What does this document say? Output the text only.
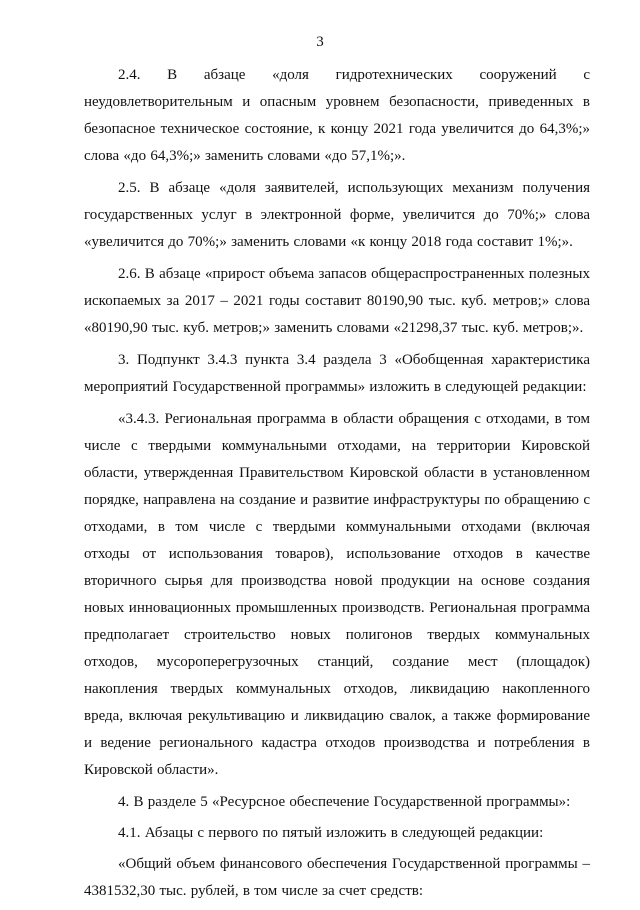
3

2.4. В абзаце «доля гидротехнических сооружений с неудовлетворительным и опасным уровнем безопасности, приведенных в безопасное техническое состояние, к концу 2021 года увеличится до 64,3%;» слова «до 64,3%;» заменить словами «до 57,1%;».

2.5. В абзаце «доля заявителей, использующих механизм получения государственных услуг в электронной форме, увеличится до 70%;» слова «увеличится до 70%;» заменить словами «к концу 2018 года составит 1%;».

2.6. В абзаце «прирост объема запасов общераспространенных полезных ископаемых за 2017 – 2021 годы составит 80190,90 тыс. куб. метров;» слова «80190,90 тыс. куб. метров;» заменить словами «21298,37 тыс. куб. метров;».

3. Подпункт 3.4.3 пункта 3.4 раздела 3 «Обобщенная характеристика мероприятий Государственной программы» изложить в следующей редакции:

«3.4.3. Региональная программа в области обращения с отходами, в том числе с твердыми коммунальными отходами, на территории Кировской области, утвержденная Правительством Кировской области в установленном порядке, направлена на создание и развитие инфраструктуры по обращению с отходами, в том числе с твердыми коммунальными отходами (включая отходы от использования товаров), использование отходов в качестве вторичного сырья для производства новой продукции на основе создания новых инновационных промышленных производств. Региональная программа предполагает строительство новых полигонов твердых коммунальных отходов, мусороперегрузочных станций, создание мест (площадок) накопления твердых коммунальных отходов, ликвидацию накопленного вреда, включая рекультивацию и ликвидацию свалок, а также формирование и ведение регионального кадастра отходов производства и потребления в Кировской области».

4. В разделе 5 «Ресурсное обеспечение Государственной программы»:

4.1. Абзацы с первого по пятый изложить в следующей редакции:

«Общий объем финансового обеспечения Государственной программы – 4381532,30 тыс. рублей, в том числе за счет средств:
